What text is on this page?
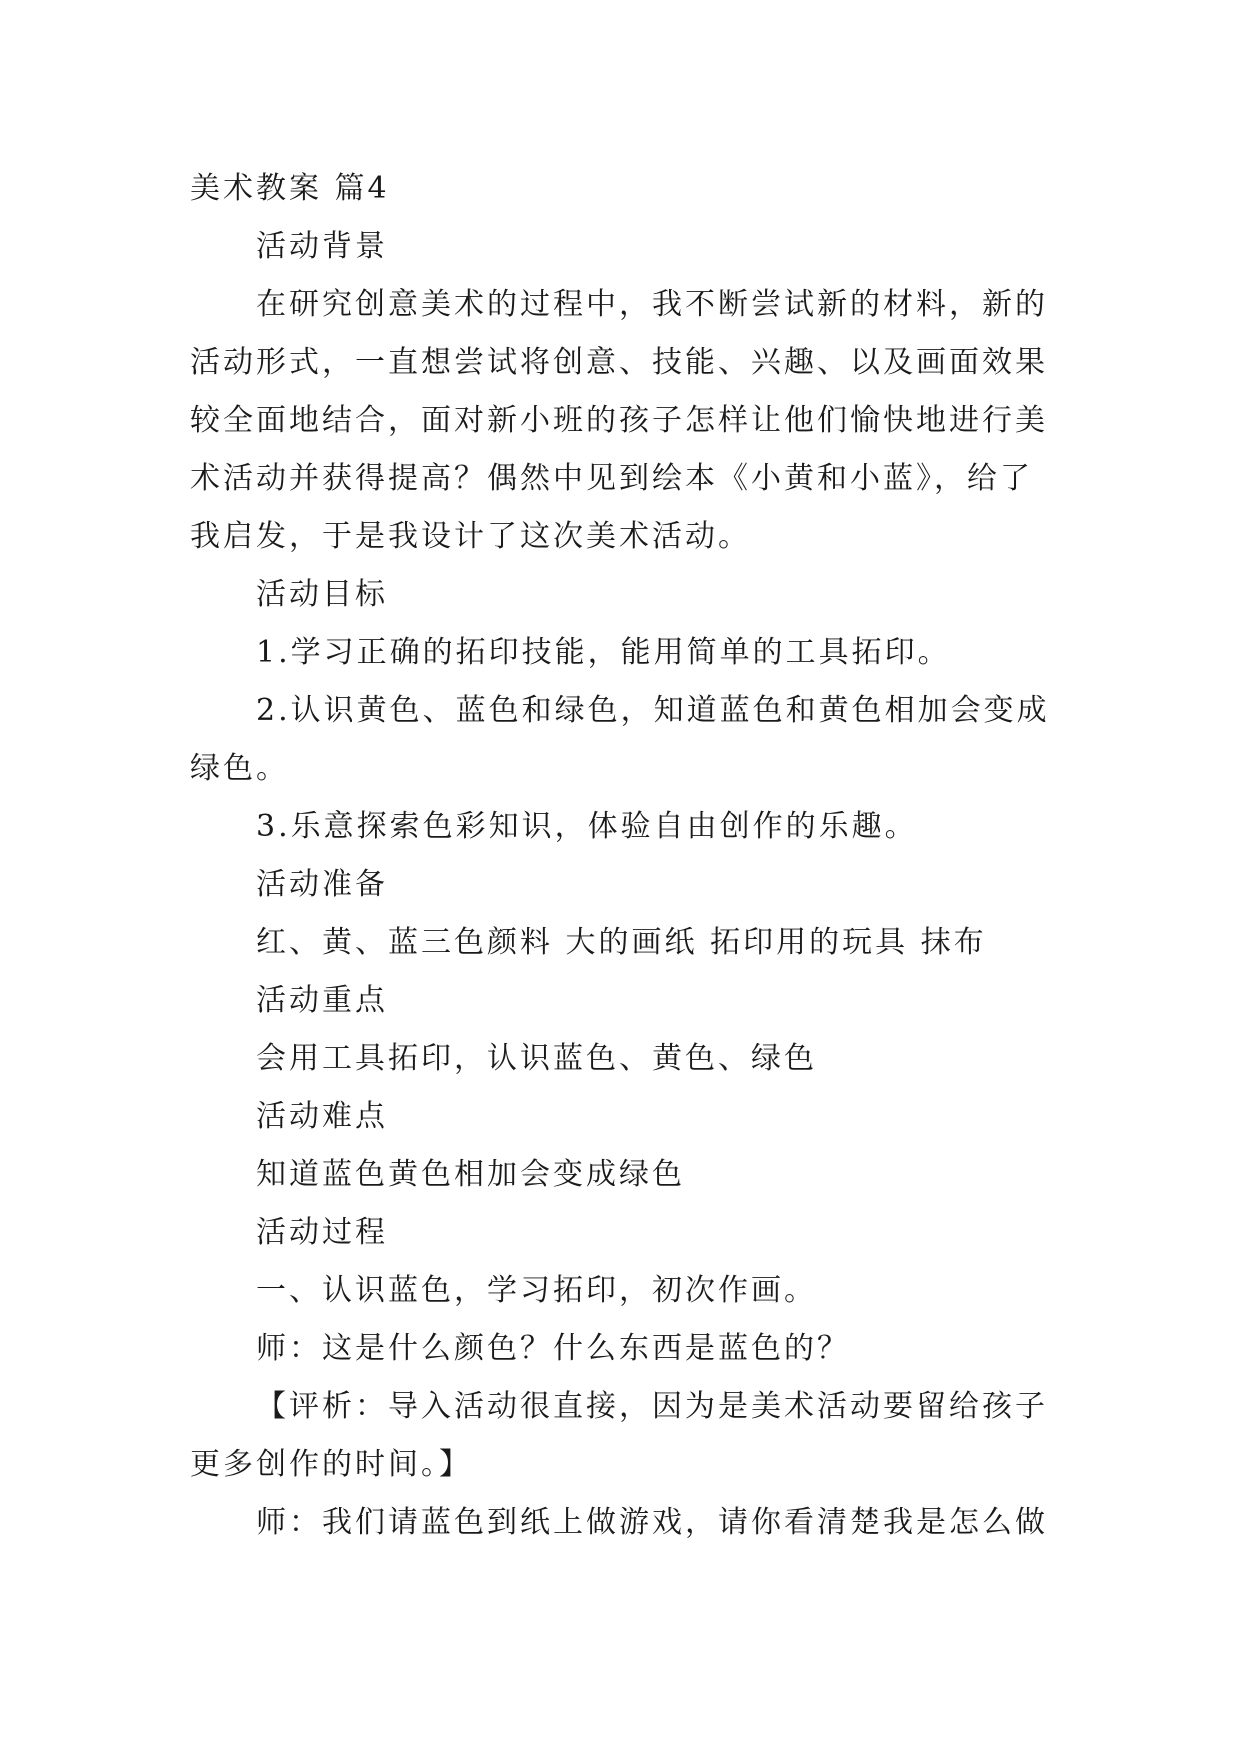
美术教案 篇4

活动背景

在研究创意美术的过程中，我不断尝试新的材料，新的

活动形式，一直想尝试将创意、技能、兴趣、以及画面效果

较全面地结合，面对新小班的孩子怎样让他们愉快地进行美

术活动并获得提高？偶然中见到绘本《小黄和小蓝》，给了

我启发，于是我设计了这次美术活动。

活动目标

1.学习正确的拓印技能，能用简单的工具拓印。

2.认识黄色、蓝色和绿色，知道蓝色和黄色相加会变成

绿色。

3.乐意探索色彩知识，体验自由创作的乐趣。

活动准备

红、黄、蓝三色颜料 大的画纸 拓印用的玩具 抹布

活动重点

会用工具拓印，认识蓝色、黄色、绿色

活动难点

知道蓝色黄色相加会变成绿色

活动过程

一、认识蓝色，学习拓印，初次作画。

师：这是什么颜色？什么东西是蓝色的？

【评析：导入活动很直接，因为是美术活动要留给孩子

更多创作的时间。】

师：我们请蓝色到纸上做游戏，请你看清楚我是怎么做
